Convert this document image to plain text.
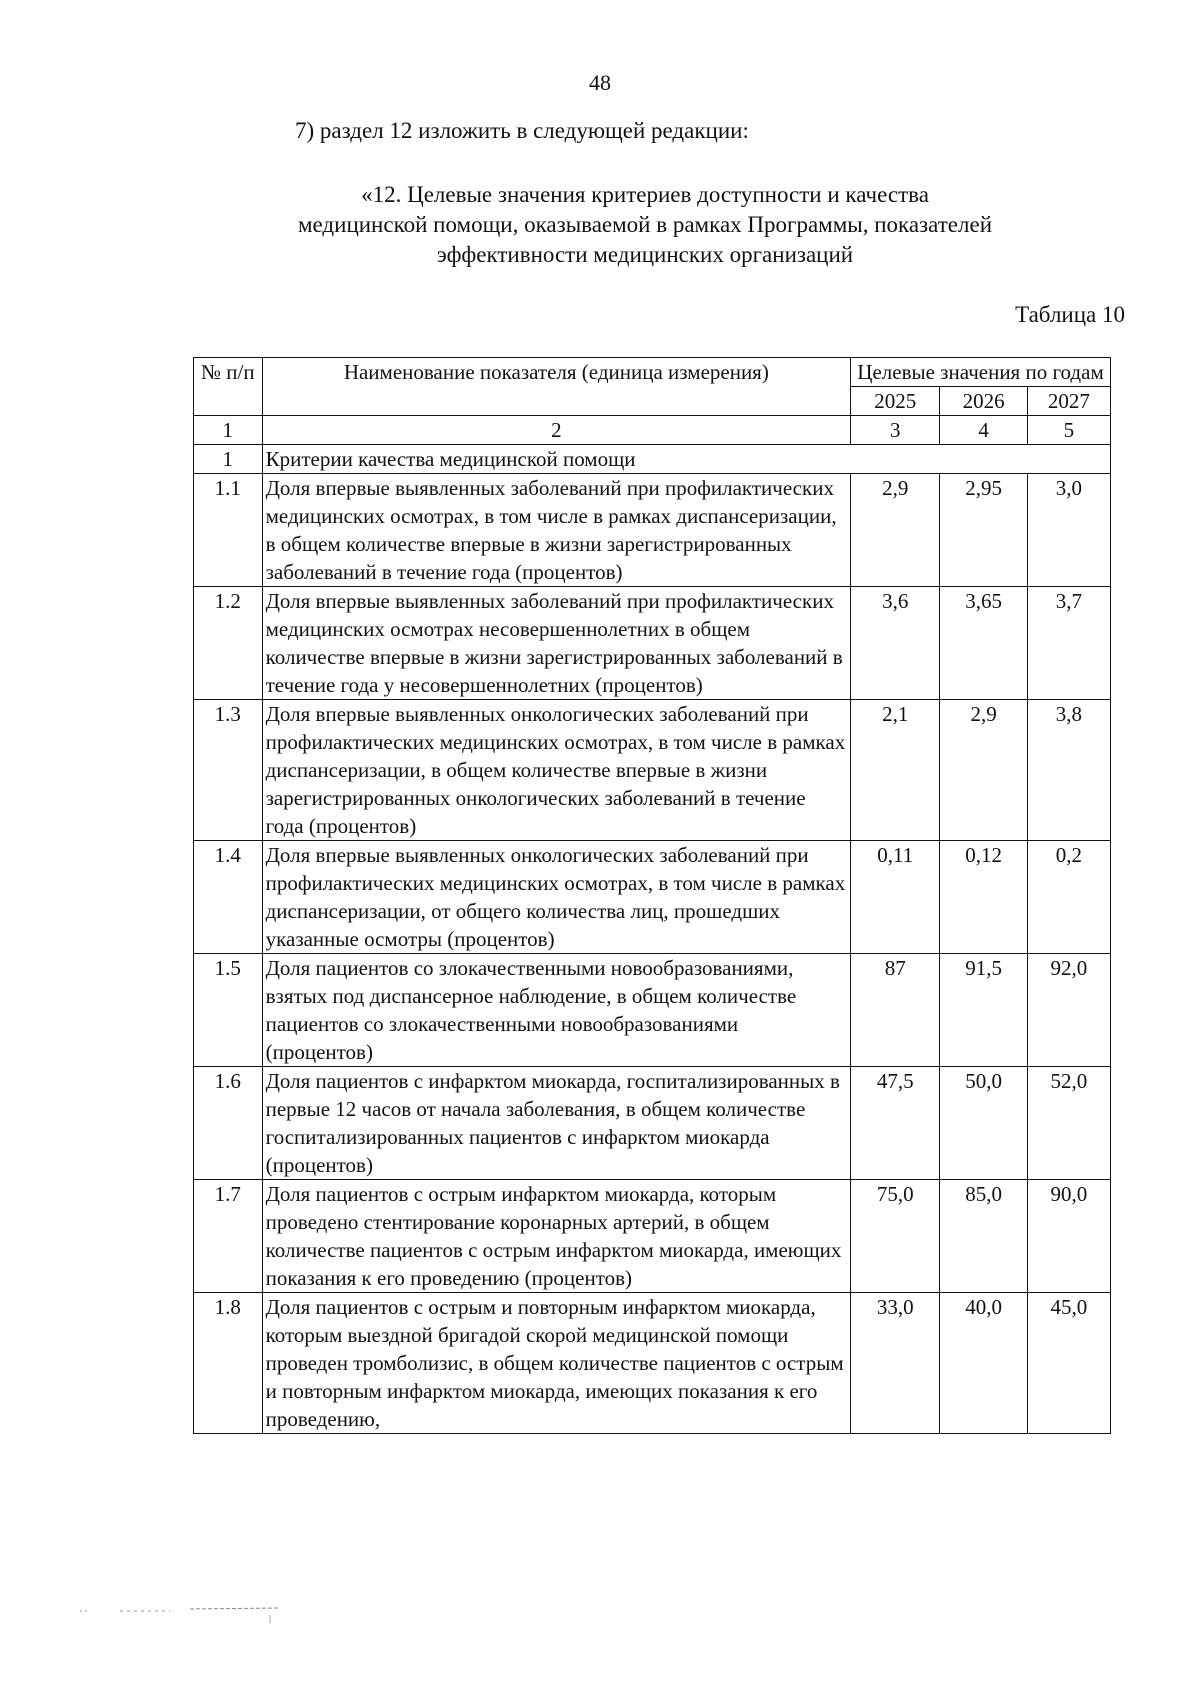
48
7) раздел 12 изложить в следующей редакции:
«12. Целевые значения критериев доступности и качества
медицинской помощи, оказываемой в рамках Программы, показателей
эффективности медицинских организаций
Таблица 10
№ п/п	Наименование показателя (единица измерения)	Целевые значения по годам		
		2025	2026	2027
1	2	3	4	5
1	Критерии качества медицинской помощи			
1.1	Доля впервые выявленных заболеваний при профилактических медицинских осмотрах, в том числе в рамках диспансеризации, в общем количестве впервые в жизни зарегистрированных заболеваний в течение года (процентов)	2,9	2,95	3,0
1.2	Доля впервые выявленных заболеваний при профилактических медицинских осмотрах несовершеннолетних в общем количестве впервые в жизни зарегистрированных заболеваний в течение года у несовершеннолетних (процентов)	3,6	3,65	3,7
1.3	Доля впервые выявленных онкологических заболеваний при профилактических медицинских осмотрах, в том числе в рамках диспансеризации, в общем количестве впервые в жизни зарегистрированных онкологических заболеваний в течение года (процентов)	2,1	2,9	3,8
1.4	Доля впервые выявленных онкологических заболеваний при профилактических медицинских осмотрах, в том числе в рамках диспансеризации, от общего количества лиц, прошедших указанные осмотры (процентов)	0,11	0,12	0,2
1.5	Доля пациентов со злокачественными новообразованиями, взятых под диспансерное наблюдение, в общем количестве пациентов со злокачественными новообразованиями (процентов)	87	91,5	92,0
1.6	Доля пациентов с инфарктом миокарда, госпитализированных в первые 12 часов от начала заболевания, в общем количестве госпитализированных пациентов с инфарктом миокарда (процентов)	47,5	50,0	52,0
1.7	Доля пациентов с острым инфарктом миокарда, которым проведено стентирование коронарных артерий, в общем количестве пациентов с острым инфарктом миокарда, имеющих показания к его проведению (процентов)	75,0	85,0	90,0
1.8	Доля пациентов с острым и повторным инфарктом миокарда, которым выездной бригадой скорой медицинской помощи проведен тромболизис, в общем количестве пациентов с острым и повторным инфарктом миокарда, имеющих показания к его проведению,	33,0	40,0	45,0
